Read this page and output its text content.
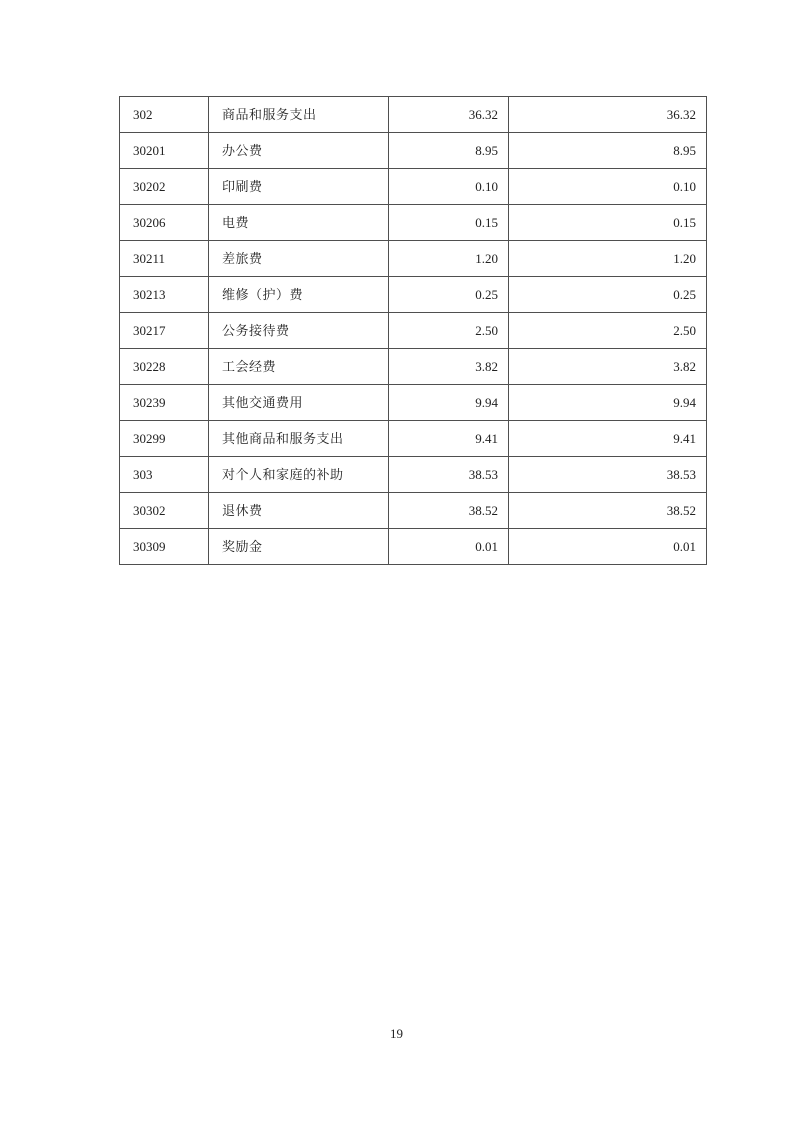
302	商品和服务支出	36.32	36.32
30201	办公费	8.95	8.95
30202	印刷费	0.10	0.10
30206	电费	0.15	0.15
30211	差旅费	1.20	1.20
30213	维修（护）费	0.25	0.25
30217	公务接待费	2.50	2.50
30228	工会经费	3.82	3.82
30239	其他交通费用	9.94	9.94
30299	其他商品和服务支出	9.41	9.41
303	对个人和家庭的补助	38.53	38.53
30302	退休费	38.52	38.52
30309	奖励金	0.01	0.01
19
